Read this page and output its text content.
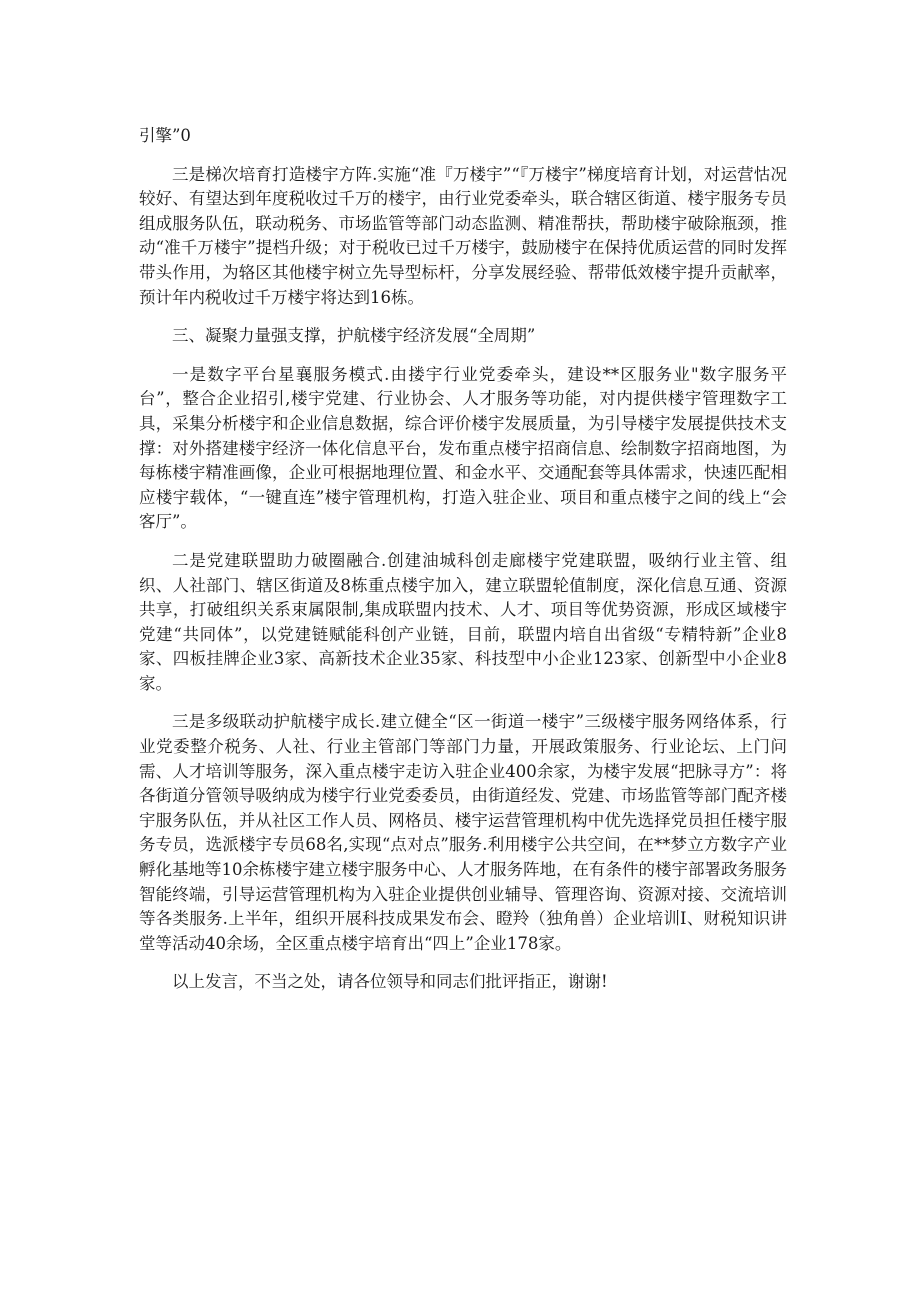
引擎”0

三是梯次培育打造楼宇方阵.实施“准『万楼宇”“『万楼宇”梯度培育计划，对运营怙况较好、有望达到年度税收过千万的楼宇，由行业党委牵头，联合辖区街道、楼宇服务专员组成服务队伍，联动税务、市场监管等部门动态监测、精准帮扶，帮助楼宇破除瓶颈，推动“准千万楼宇”提档升级；对于税收已过千万楼宇，鼓励楼宇在保持优质运营的同时发挥带头作用，为辂区其他楼宇树立先导型标杆，分享发展经验、帮带低效楼宇提升贡献率，预计年内税收过千万楼宇将达到16栋。

三、凝聚力量强支撑，护航楼宇经济发展“全周期”

一是数字平台星襄服务模式.由搂宇行业党委牵头，建设**区服务业"数字服务平台”，整合企业招引,楼宇党建、行业协会、人才服务等功能，对内提供楼宇管理数字工具，采集分析楼宇和企业信息数据，综合评价楼宇发展质量，为引导楼宇发展提供技术支撑：对外搭建楼宇经济一体化信息平台，发布重点楼宇招商信息、绘制数字招商地图，为每栋楼宇精准画像，企业可根据地理位置、和金水平、交通配套等具体需求，快速匹配相应楼宇载体，“一键直连”楼宇管理机构，打造入驻企业、项目和重点楼宇之间的线上“会客厅”。

二是党建联盟助力破圈融合.创建油城科创走廊楼宇党建联盟，吸纳行业主管、组织、人社部门、辖区街道及8栋重点楼宇加入，建立联盟轮值制度，深化信息互通、资源共享，打破组织关系束属限制,集成联盟内技术、人才、项目等优势资源，形成区域楼宇党建“共同体”，以党建链赋能科创产业链，目前，联盟内培自出省级“专精特新”企业8家、四板挂牌企业3家、高新技术企业35家、科技型中小企业123家、创新型中小企业8家。

三是多级联动护航楼宇成长.建立健全“区一街道一楼宇”三级楼宇服务网络体系，行业党委整介税务、人社、行业主管部门等部门力量，开展政策服务、行业论坛、上门问需、人才培训等服务，深入重点楼宇走访入驻企业400余家，为楼宇发展“把脉寻方”：将各街道分管领导吸纳成为楼宇行业党委委员，由街道经发、党建、市场监管等部门配齐楼宇服务队伍，并从社区工作人员、网格员、楼宇运营管理机构中优先选择党员担任楼宇服务专员，选派楼宇专员68名,实现“点对点”服务.利用楼宇公共空间，在**梦立方数字产业孵化基地等10余栋楼宇建立楼宇服务中心、人才服务阵地，在有条件的楼宇部署政务服务智能终端，引导运营管理机构为入驻企业提供创业辅导、管理咨询、资源对接、交流培训等各类服务.上半年，组织开展科技成果发布会、瞪羚（独角兽）企业培训I、财税知识讲堂等活动40余场，全区重点楼宇培育出“四上”企业178家。

以上发言，不当之处，请各位领导和同志们批评指正，谢谢!
